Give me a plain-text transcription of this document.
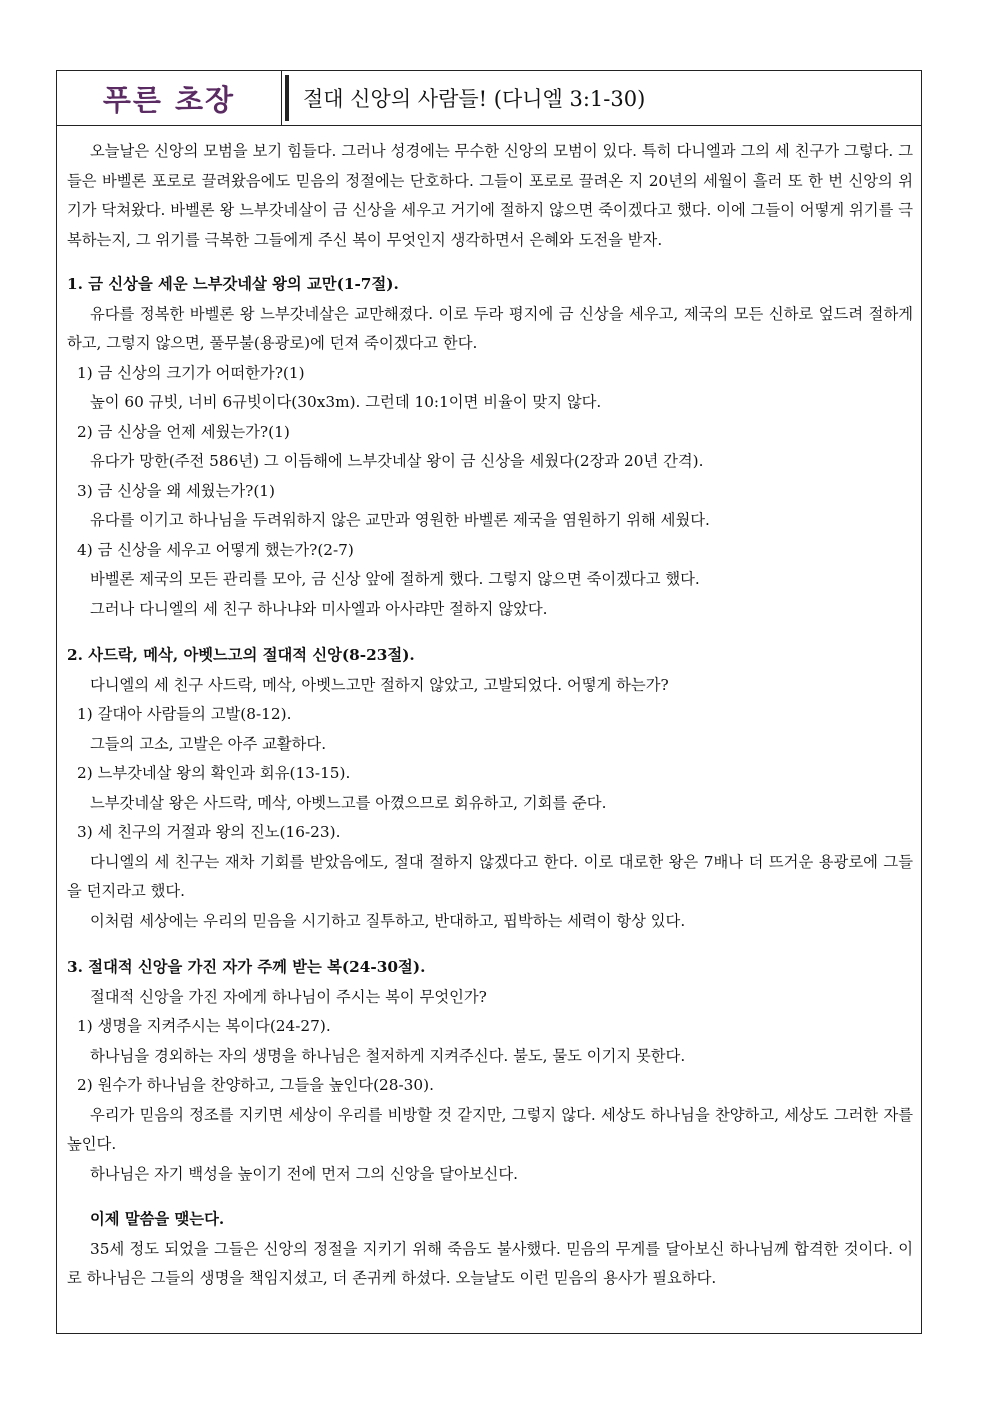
푸른 초장	절대 신앙의 사람들! (다니엘 3:1-30)

오늘날은 신앙의 모범을 보기 힘들다. 그러나 성경에는 무수한 신앙의 모범이 있다. 특히 다니엘과 그의 세 친구가 그렇다. 그들은 바벨론 포로로 끌려왔음에도 믿음의 정절에는 단호하다. 그들이 포로로 끌려온 지 20년의 세월이 흘러 또 한 번 신앙의 위기가 닥쳐왔다. 바벨론 왕 느부갓네살이 금 신상을 세우고 거기에 절하지 않으면 죽이겠다고 했다. 이에 그들이 어떻게 위기를 극복하는지, 그 위기를 극복한 그들에게 주신 복이 무엇인지 생각하면서 은혜와 도전을 받자.

1. 금 신상을 세운 느부갓네살 왕의 교만(1-7절).

유다를 정복한 바벨론 왕 느부갓네살은 교만해졌다. 이로 두라 평지에 금 신상을 세우고, 제국의 모든 신하로 엎드려 절하게 하고, 그렇지 않으면, 풀무불(용광로)에 던져 죽이겠다고 한다.

1) 금 신상의 크기가 어떠한가?(1)

높이 60 규빗, 너비 6규빗이다(30x3m). 그런데 10:1이면 비율이 맞지 않다.

2) 금 신상을 언제 세웠는가?(1)

유다가 망한(주전 586년) 그 이듬해에 느부갓네살 왕이 금 신상을 세웠다(2장과 20년 간격).

3) 금 신상을 왜 세웠는가?(1)

유다를 이기고 하나님을 두려워하지 않은 교만과 영원한 바벨론 제국을 염원하기 위해 세웠다.

4) 금 신상을 세우고 어떻게 했는가?(2-7)

바벨론 제국의 모든 관리를 모아, 금 신상 앞에 절하게 했다. 그렇지 않으면 죽이겠다고 했다.

그러나 다니엘의 세 친구 하나냐와 미사엘과 아사랴만 절하지 않았다.

2. 사드락, 메삭, 아벳느고의 절대적 신앙(8-23절).

다니엘의 세 친구 사드락, 메삭, 아벳느고만 절하지 않았고, 고발되었다. 어떻게 하는가?

1) 갈대아 사람들의 고발(8-12).

그들의 고소, 고발은 아주 교활하다.

2) 느부갓네살 왕의 확인과 회유(13-15).

느부갓네살 왕은 사드락, 메삭, 아벳느고를 아꼈으므로 회유하고, 기회를 준다.

3) 세 친구의 거절과 왕의 진노(16-23).

다니엘의 세 친구는 재차 기회를 받았음에도, 절대 절하지 않겠다고 한다. 이로 대로한 왕은 7배나 더 뜨거운 용광로에 그들을 던지라고 했다.

이처럼 세상에는 우리의 믿음을 시기하고 질투하고, 반대하고, 핍박하는 세력이 항상 있다.

3. 절대적 신앙을 가진 자가 주께 받는 복(24-30절).

절대적 신앙을 가진 자에게 하나님이 주시는 복이 무엇인가?

1) 생명을 지켜주시는 복이다(24-27).

하나님을 경외하는 자의 생명을 하나님은 철저하게 지켜주신다. 불도, 물도 이기지 못한다.

2) 원수가 하나님을 찬양하고, 그들을 높인다(28-30).

우리가 믿음의 정조를 지키면 세상이 우리를 비방할 것 같지만, 그렇지 않다. 세상도 하나님을 찬양하고, 세상도 그러한 자를 높인다.

하나님은 자기 백성을 높이기 전에 먼저 그의 신앙을 달아보신다.

이제 말씀을 맺는다.

35세 정도 되었을 그들은 신앙의 정절을 지키기 위해 죽음도 불사했다. 믿음의 무게를 달아보신 하나님께 합격한 것이다. 이로 하나님은 그들의 생명을 책임지셨고, 더 존귀케 하셨다. 오늘날도 이런 믿음의 용사가 필요하다.
